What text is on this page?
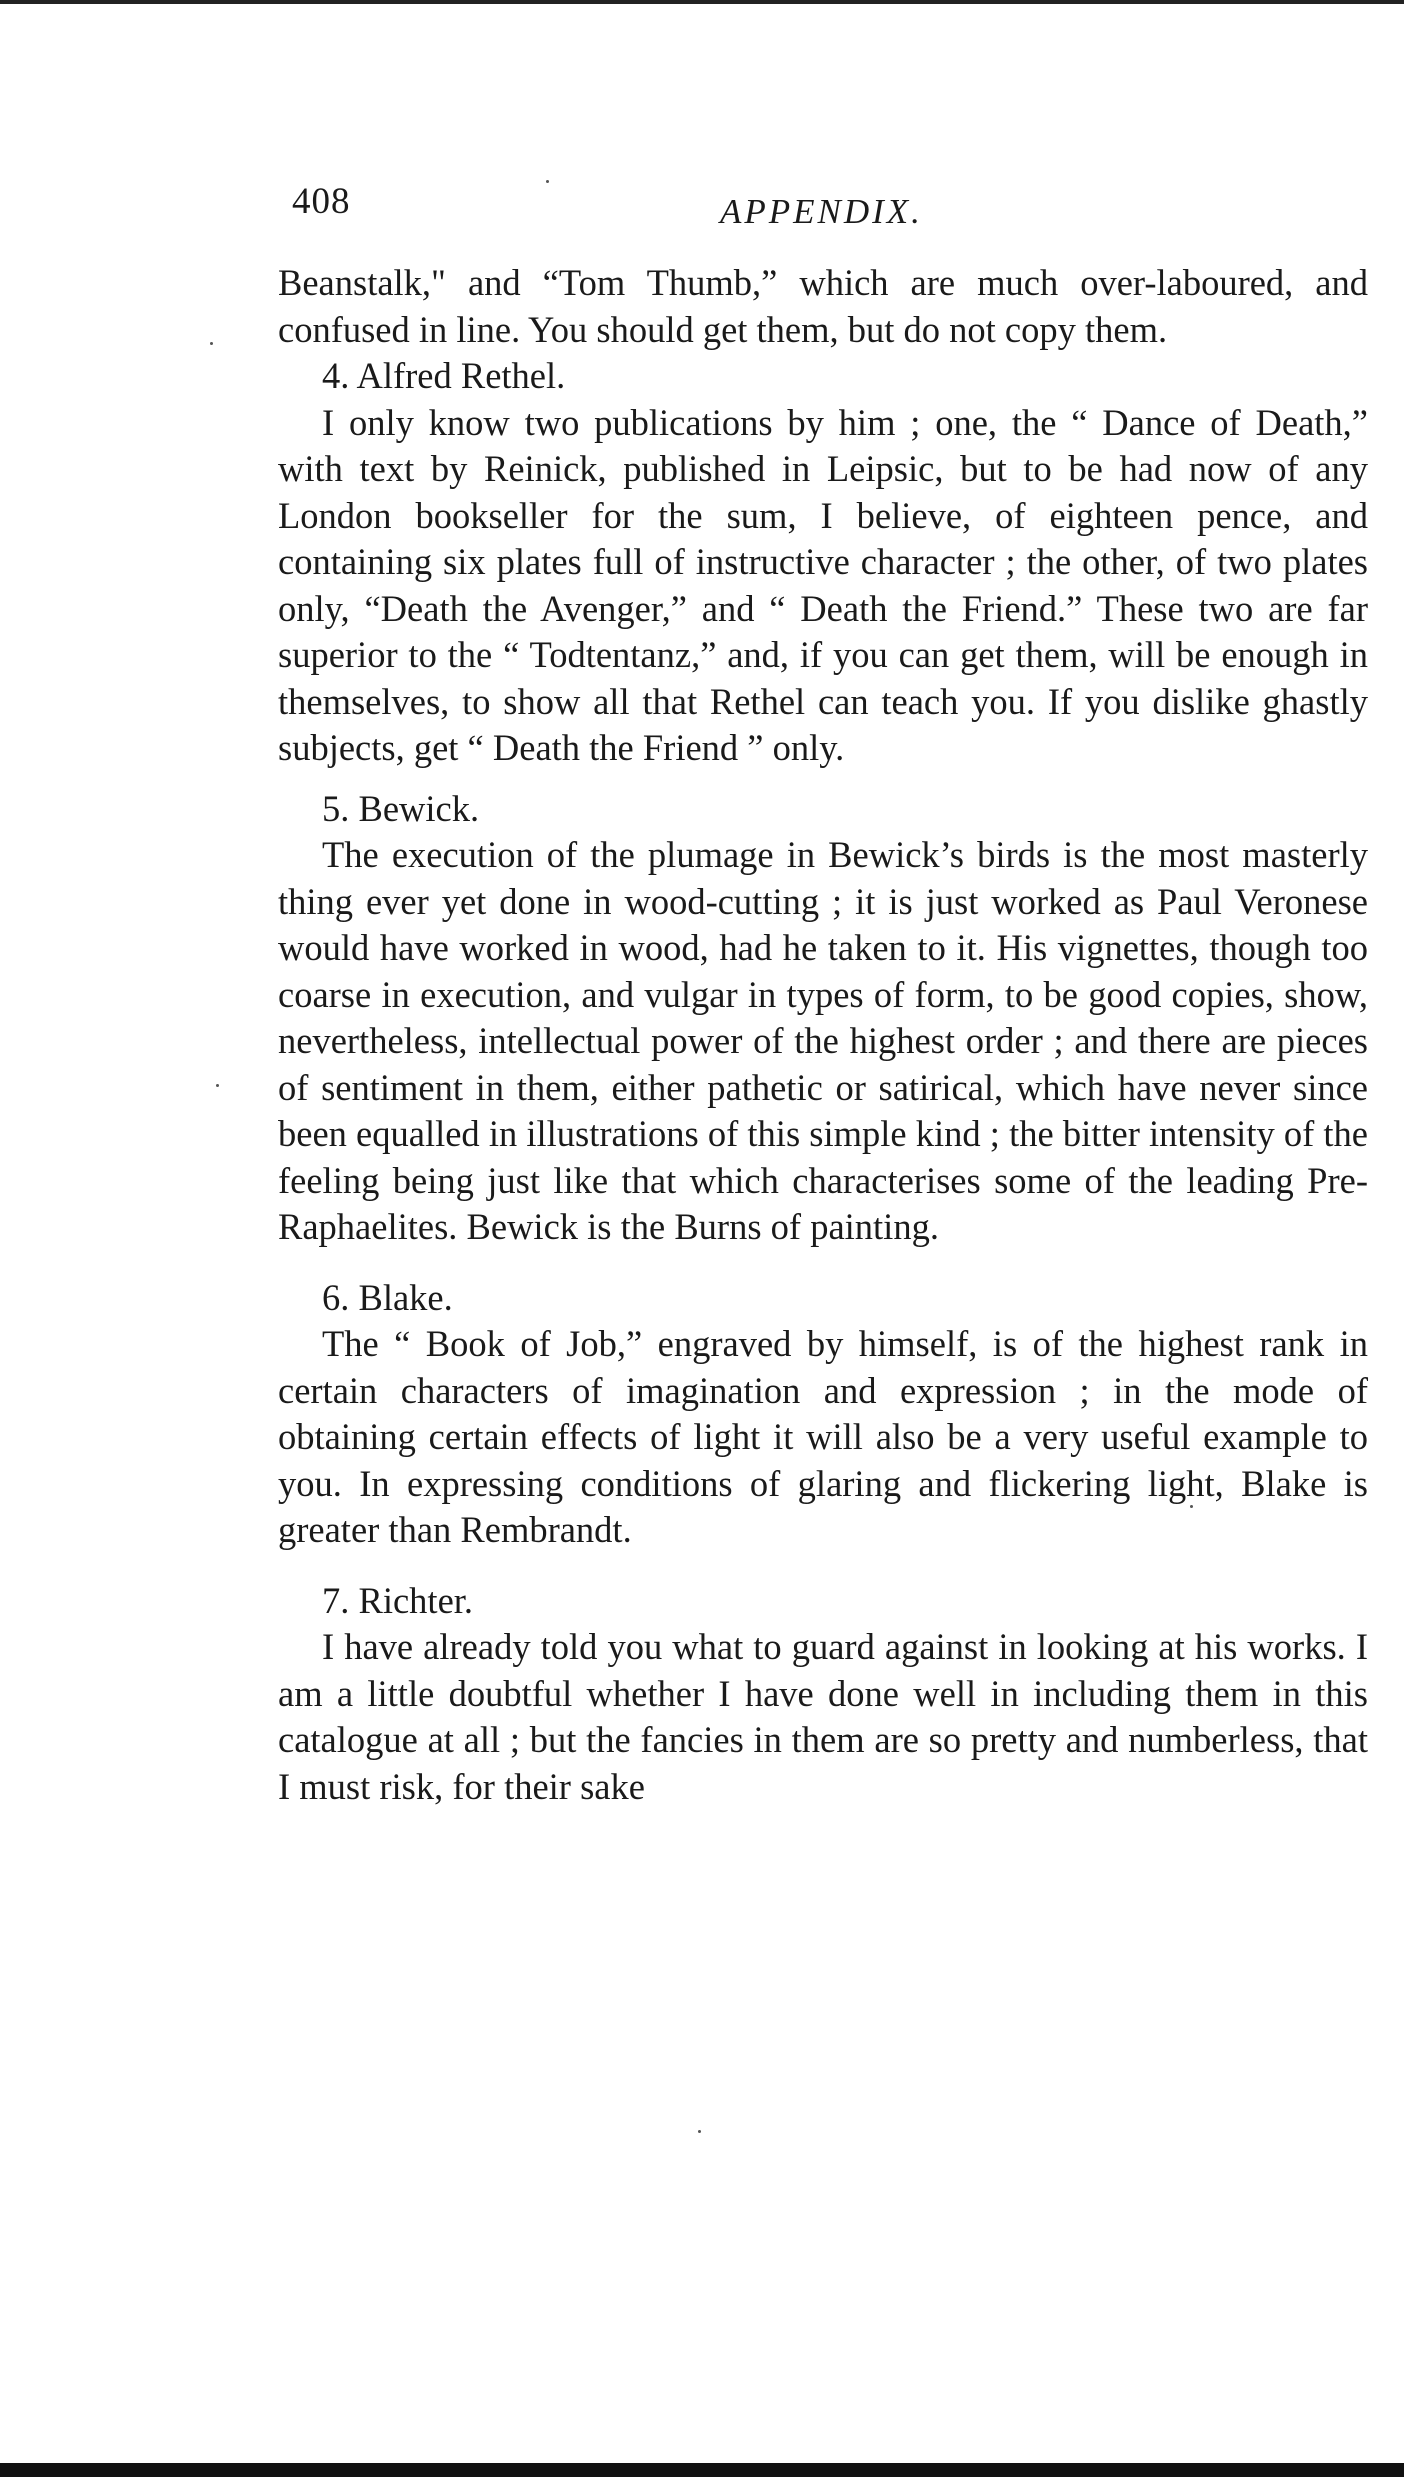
408	APPENDIX.

Beanstalk," and “Tom Thumb,” which are much over-laboured, and confused in line. You should get them, but do not copy them.

4. Alfred Rethel.

I only know two publications by him ; one, the “ Dance of Death,” with text by Reinick, published in Leipsic, but to be had now of any London bookseller for the sum, I believe, of eighteen pence, and containing six plates full of instructive character ; the other, of two plates only, “Death the Avenger,” and “ Death the Friend.” These two are far superior to the “ Todtentanz,” and, if you can get them, will be enough in themselves, to show all that Rethel can teach you. If you dislike ghastly subjects, get “ Death the Friend ” only.

5. Bewick.

The execution of the plumage in Bewick’s birds is the most masterly thing ever yet done in wood-cutting ; it is just worked as Paul Veronese would have worked in wood, had he taken to it. His vignettes, though too coarse in execution, and vulgar in types of form, to be good copies, show, nevertheless, intellectual power of the highest order ; and there are pieces of sentiment in them, either pathetic or satirical, which have never since been equalled in illustrations of this simple kind ; the bitter intensity of the feeling being just like that which characterises some of the leading Pre-Raphaelites. Bewick is the Burns of painting.

6. Blake.

The “ Book of Job,” engraved by himself, is of the highest rank in certain characters of imagination and expression ; in the mode of obtaining certain effects of light it will also be a very useful example to you. In expressing conditions of glaring and flickering light, Blake is greater than Rembrandt.

7. Richter.

I have already told you what to guard against in looking at his works. I am a little doubtful whether I have done well in including them in this catalogue at all ; but the fancies in them are so pretty and numberless, that I must risk, for their sake
